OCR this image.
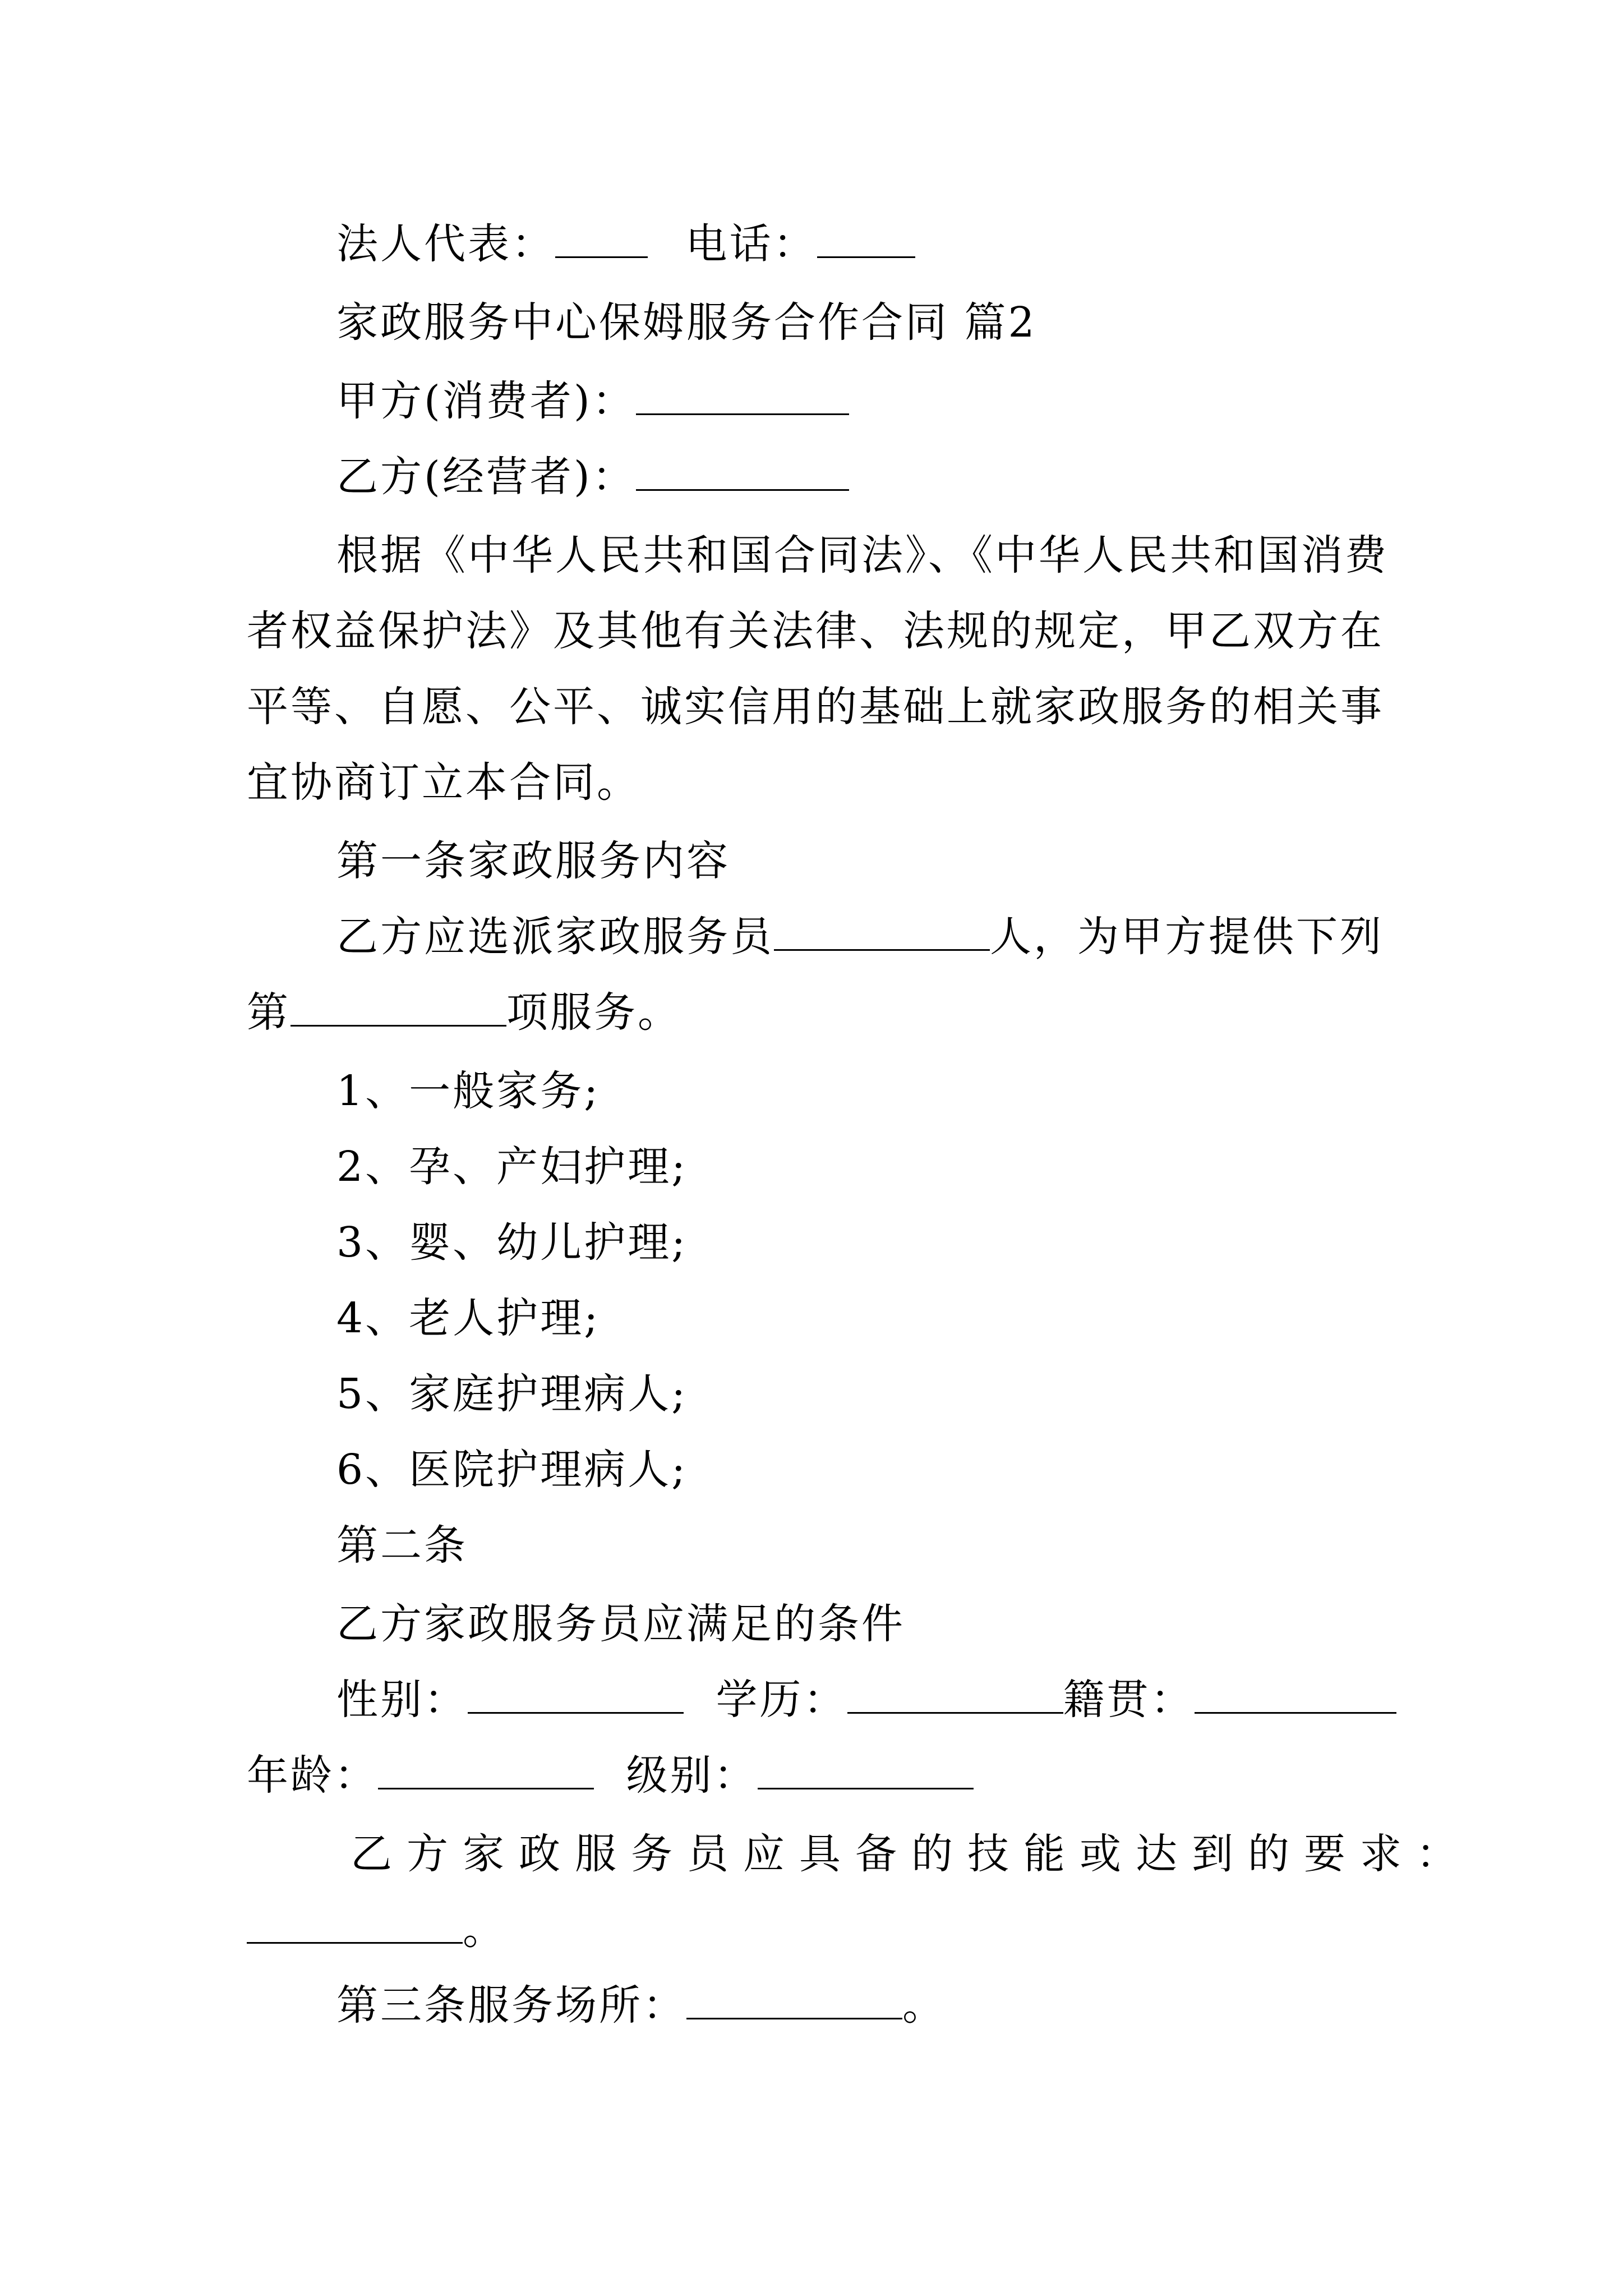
法人代表：	电话：
家政服务中心保姆服务合作合同 篇2
甲方(消费者)：
乙方(经营者)：
根据《中华人民共和国合同法》、《中华人民共和国消费
者权益保护法》及其他有关法律、法规的规定，甲乙双方在
平等、自愿、公平、诚实信用的基础上就家政服务的相关事
宜协商订立本合同。
第一条家政服务内容
乙方应选派家政服务员	人，为甲方提供下列
第	项服务。
1、一般家务;
2、孕、产妇护理;
3、婴、幼儿护理;
4、老人护理;
5、家庭护理病人;
6、医院护理病人;
第二条
乙方家政服务员应满足的条件
性别：	学历：	籍贯：
年龄：	级别：
乙方家政服务员应具备的技能或达到的要求：
。
第三条服务场所：	。
